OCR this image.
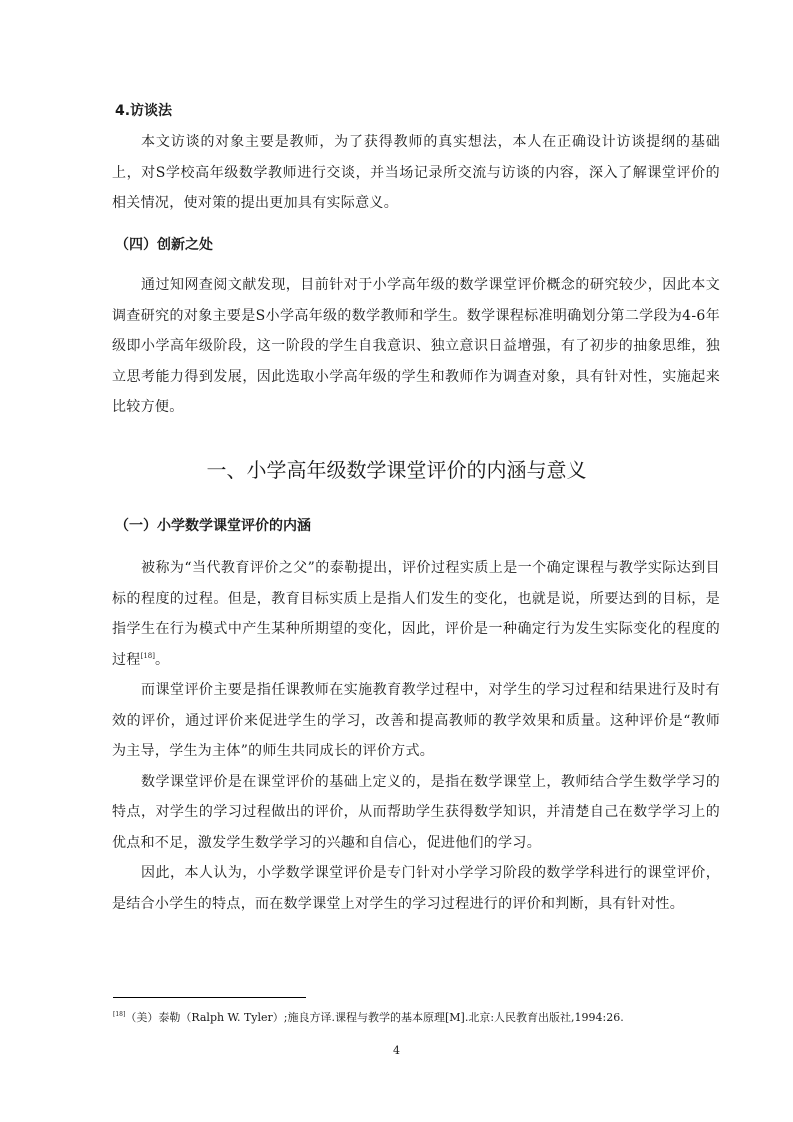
4.访谈法

本文访谈的对象主要是教师，为了获得教师的真实想法，本人在正确设计访谈提纲的基础上，对S学校高年级数学教师进行交谈，并当场记录所交流与访谈的内容，深入了解课堂评价的相关情况，使对策的提出更加具有实际意义。

（四）创新之处

通过知网查阅文献发现，目前针对于小学高年级的数学课堂评价概念的研究较少，因此本文调查研究的对象主要是S小学高年级的数学教师和学生。数学课程标准明确划分第二学段为4-6年级即小学高年级阶段，这一阶段的学生自我意识、独立意识日益增强，有了初步的抽象思维，独立思考能力得到发展，因此选取小学高年级的学生和教师作为调查对象，具有针对性，实施起来比较方便。

一、小学高年级数学课堂评价的内涵与意义
（一）小学数学课堂评价的内涵

被称为“当代教育评价之父”的泰勒提出，评价过程实质上是一个确定课程与教学实际达到目标的程度的过程。但是，教育目标实质上是指人们发生的变化，也就是说，所要达到的目标，是指学生在行为模式中产生某种所期望的变化，因此，评价是一种确定行为发生实际变化的程度的过程[18]。

而课堂评价主要是指任课教师在实施教育教学过程中，对学生的学习过程和结果进行及时有效的评价，通过评价来促进学生的学习，改善和提高教师的教学效果和质量。这种评价是“教师为主导，学生为主体”的师生共同成长的评价方式。

数学课堂评价是在课堂评价的基础上定义的，是指在数学课堂上，教师结合学生数学学习的特点，对学生的学习过程做出的评价，从而帮助学生获得数学知识，并清楚自己在数学学习上的优点和不足，激发学生数学学习的兴趣和自信心，促进他们的学习。

因此，本人认为，小学数学课堂评价是专门针对小学学习阶段的数学学科进行的课堂评价，是结合小学生的特点，而在数学课堂上对学生的学习过程进行的评价和判断，具有针对性。

[18]（美）泰勒（Ralph W. Tyler）;施良方译.课程与教学的基本原理[M].北京:人民教育出版社,1994:26.
4
